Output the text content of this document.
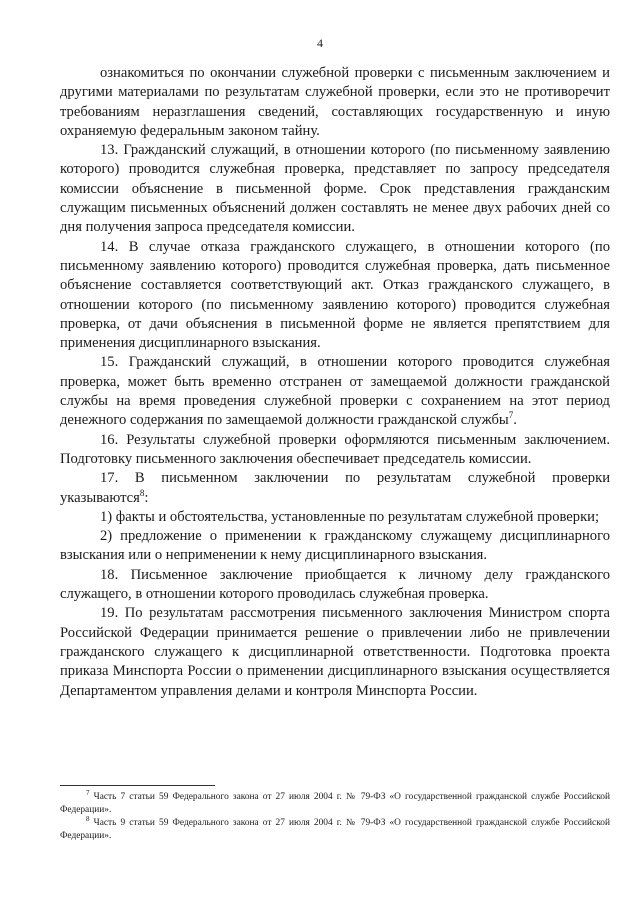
4

ознакомиться по окончании служебной проверки с письменным заключением и другими материалами по результатам служебной проверки, если это не противоречит требованиям неразглашения сведений, составляющих государственную и иную охраняемую федеральным законом тайну.

13. Гражданский служащий, в отношении которого (по письменному заявлению которого) проводится служебная проверка, представляет по запросу председателя комиссии объяснение в письменной форме. Срок представления гражданским служащим письменных объяснений должен составлять не менее двух рабочих дней со дня получения запроса председателя комиссии.

14. В случае отказа гражданского служащего, в отношении которого (по письменному заявлению которого) проводится служебная проверка, дать письменное объяснение составляется соответствующий акт. Отказ гражданского служащего, в отношении которого (по письменному заявлению которого) проводится служебная проверка, от дачи объяснения в письменной форме не является препятствием для применения дисциплинарного взыскания.

15. Гражданский служащий, в отношении которого проводится служебная проверка, может быть временно отстранен от замещаемой должности гражданской службы на время проведения служебной проверки с сохранением на этот период денежного содержания по замещаемой должности гражданской службы$^7$.

16. Результаты служебной проверки оформляются письменным заключением. Подготовку письменного заключения обеспечивает председатель комиссии.

17. В письменном заключении по результатам служебной проверки указываются$^8$:

1) факты и обстоятельства, установленные по результатам служебной проверки;

2) предложение о применении к гражданскому служащему дисциплинарного взыскания или о неприменении к нему дисциплинарного взыскания.

18. Письменное заключение приобщается к личному делу гражданского служащего, в отношении которого проводилась служебная проверка.

19. По результатам рассмотрения письменного заключения Министром спорта Российской Федерации принимается решение о привлечении либо не привлечении гражданского служащего к дисциплинарной ответственности. Подготовка проекта приказа Минспорта России о применении дисциплинарного взыскания осуществляется Департаментом управления делами и контроля Минспорта России.

$^7$ Часть 7 статьи 59 Федерального закона от 27 июля 2004 г. № 79-ФЗ «О государственной гражданской службе Российской Федерации».

$^8$ Часть 9 статьи 59 Федерального закона от 27 июля 2004 г. № 79-ФЗ «О государственной гражданской службе Российской Федерации».
